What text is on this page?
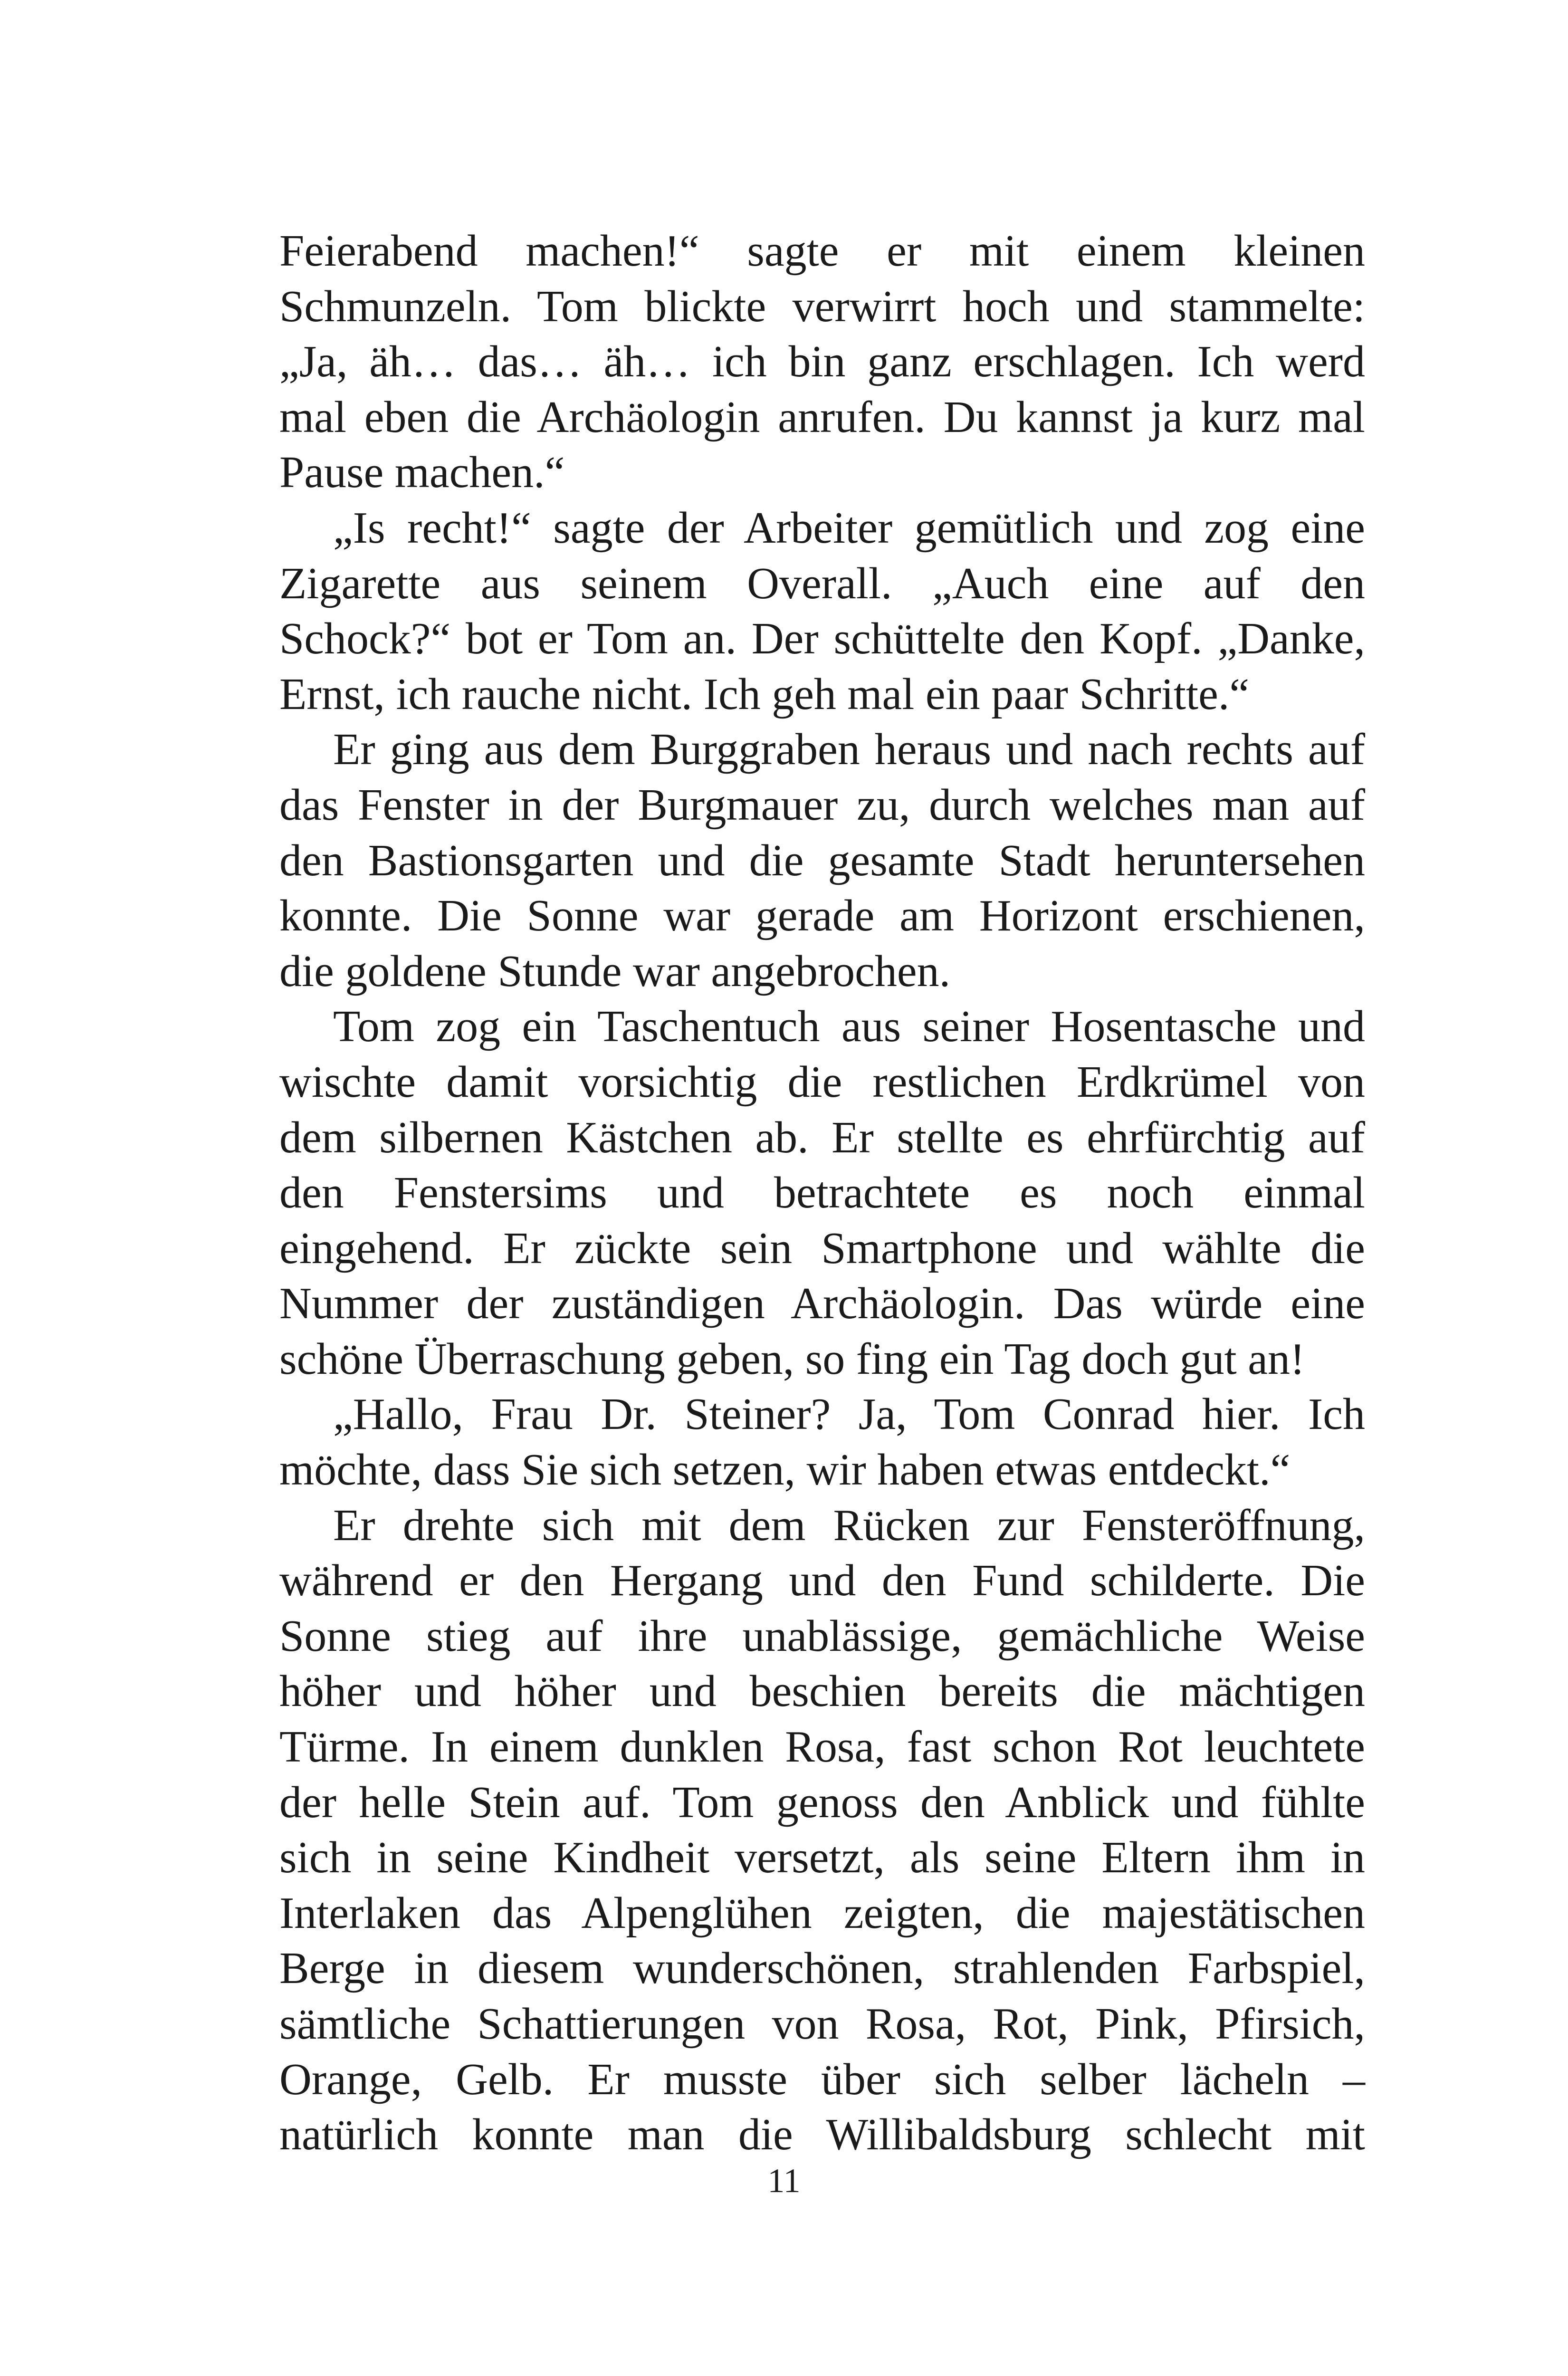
Feierabend machen!“ sagte er mit einem kleinen
Schmunzeln. Tom blickte verwirrt hoch und stammelte:
„Ja, äh… das… äh… ich bin ganz erschlagen. Ich werd
mal eben die Archäologin anrufen. Du kannst ja kurz mal
Pause machen.“
„Is recht!“ sagte der Arbeiter gemütlich und zog eine
Zigarette aus seinem Overall. „Auch eine auf den
Schock?“ bot er Tom an. Der schüttelte den Kopf. „Danke,
Ernst, ich rauche nicht. Ich geh mal ein paar Schritte.“
Er ging aus dem Burggraben heraus und nach rechts auf
das Fenster in der Burgmauer zu, durch welches man auf
den Bastionsgarten und die gesamte Stadt heruntersehen
konnte. Die Sonne war gerade am Horizont erschienen,
die goldene Stunde war angebrochen.
Tom zog ein Taschentuch aus seiner Hosentasche und
wischte damit vorsichtig die restlichen Erdkrümel von
dem silbernen Kästchen ab. Er stellte es ehrfürchtig auf
den Fenstersims und betrachtete es noch einmal
eingehend. Er zückte sein Smartphone und wählte die
Nummer der zuständigen Archäologin. Das würde eine
schöne Überraschung geben, so fing ein Tag doch gut an!
„Hallo, Frau Dr. Steiner? Ja, Tom Conrad hier. Ich
möchte, dass Sie sich setzen, wir haben etwas entdeckt.“
Er drehte sich mit dem Rücken zur Fensteröffnung,
während er den Hergang und den Fund schilderte. Die
Sonne stieg auf ihre unablässige, gemächliche Weise
höher und höher und beschien bereits die mächtigen
Türme. In einem dunklen Rosa, fast schon Rot leuchtete
der helle Stein auf. Tom genoss den Anblick und fühlte
sich in seine Kindheit versetzt, als seine Eltern ihm in
Interlaken das Alpenglühen zeigten, die majestätischen
Berge in diesem wunderschönen, strahlenden Farbspiel,
sämtliche Schattierungen von Rosa, Rot, Pink, Pfirsich,
Orange, Gelb. Er musste über sich selber lächeln –
natürlich konnte man die Willibaldsburg schlecht mit
11
